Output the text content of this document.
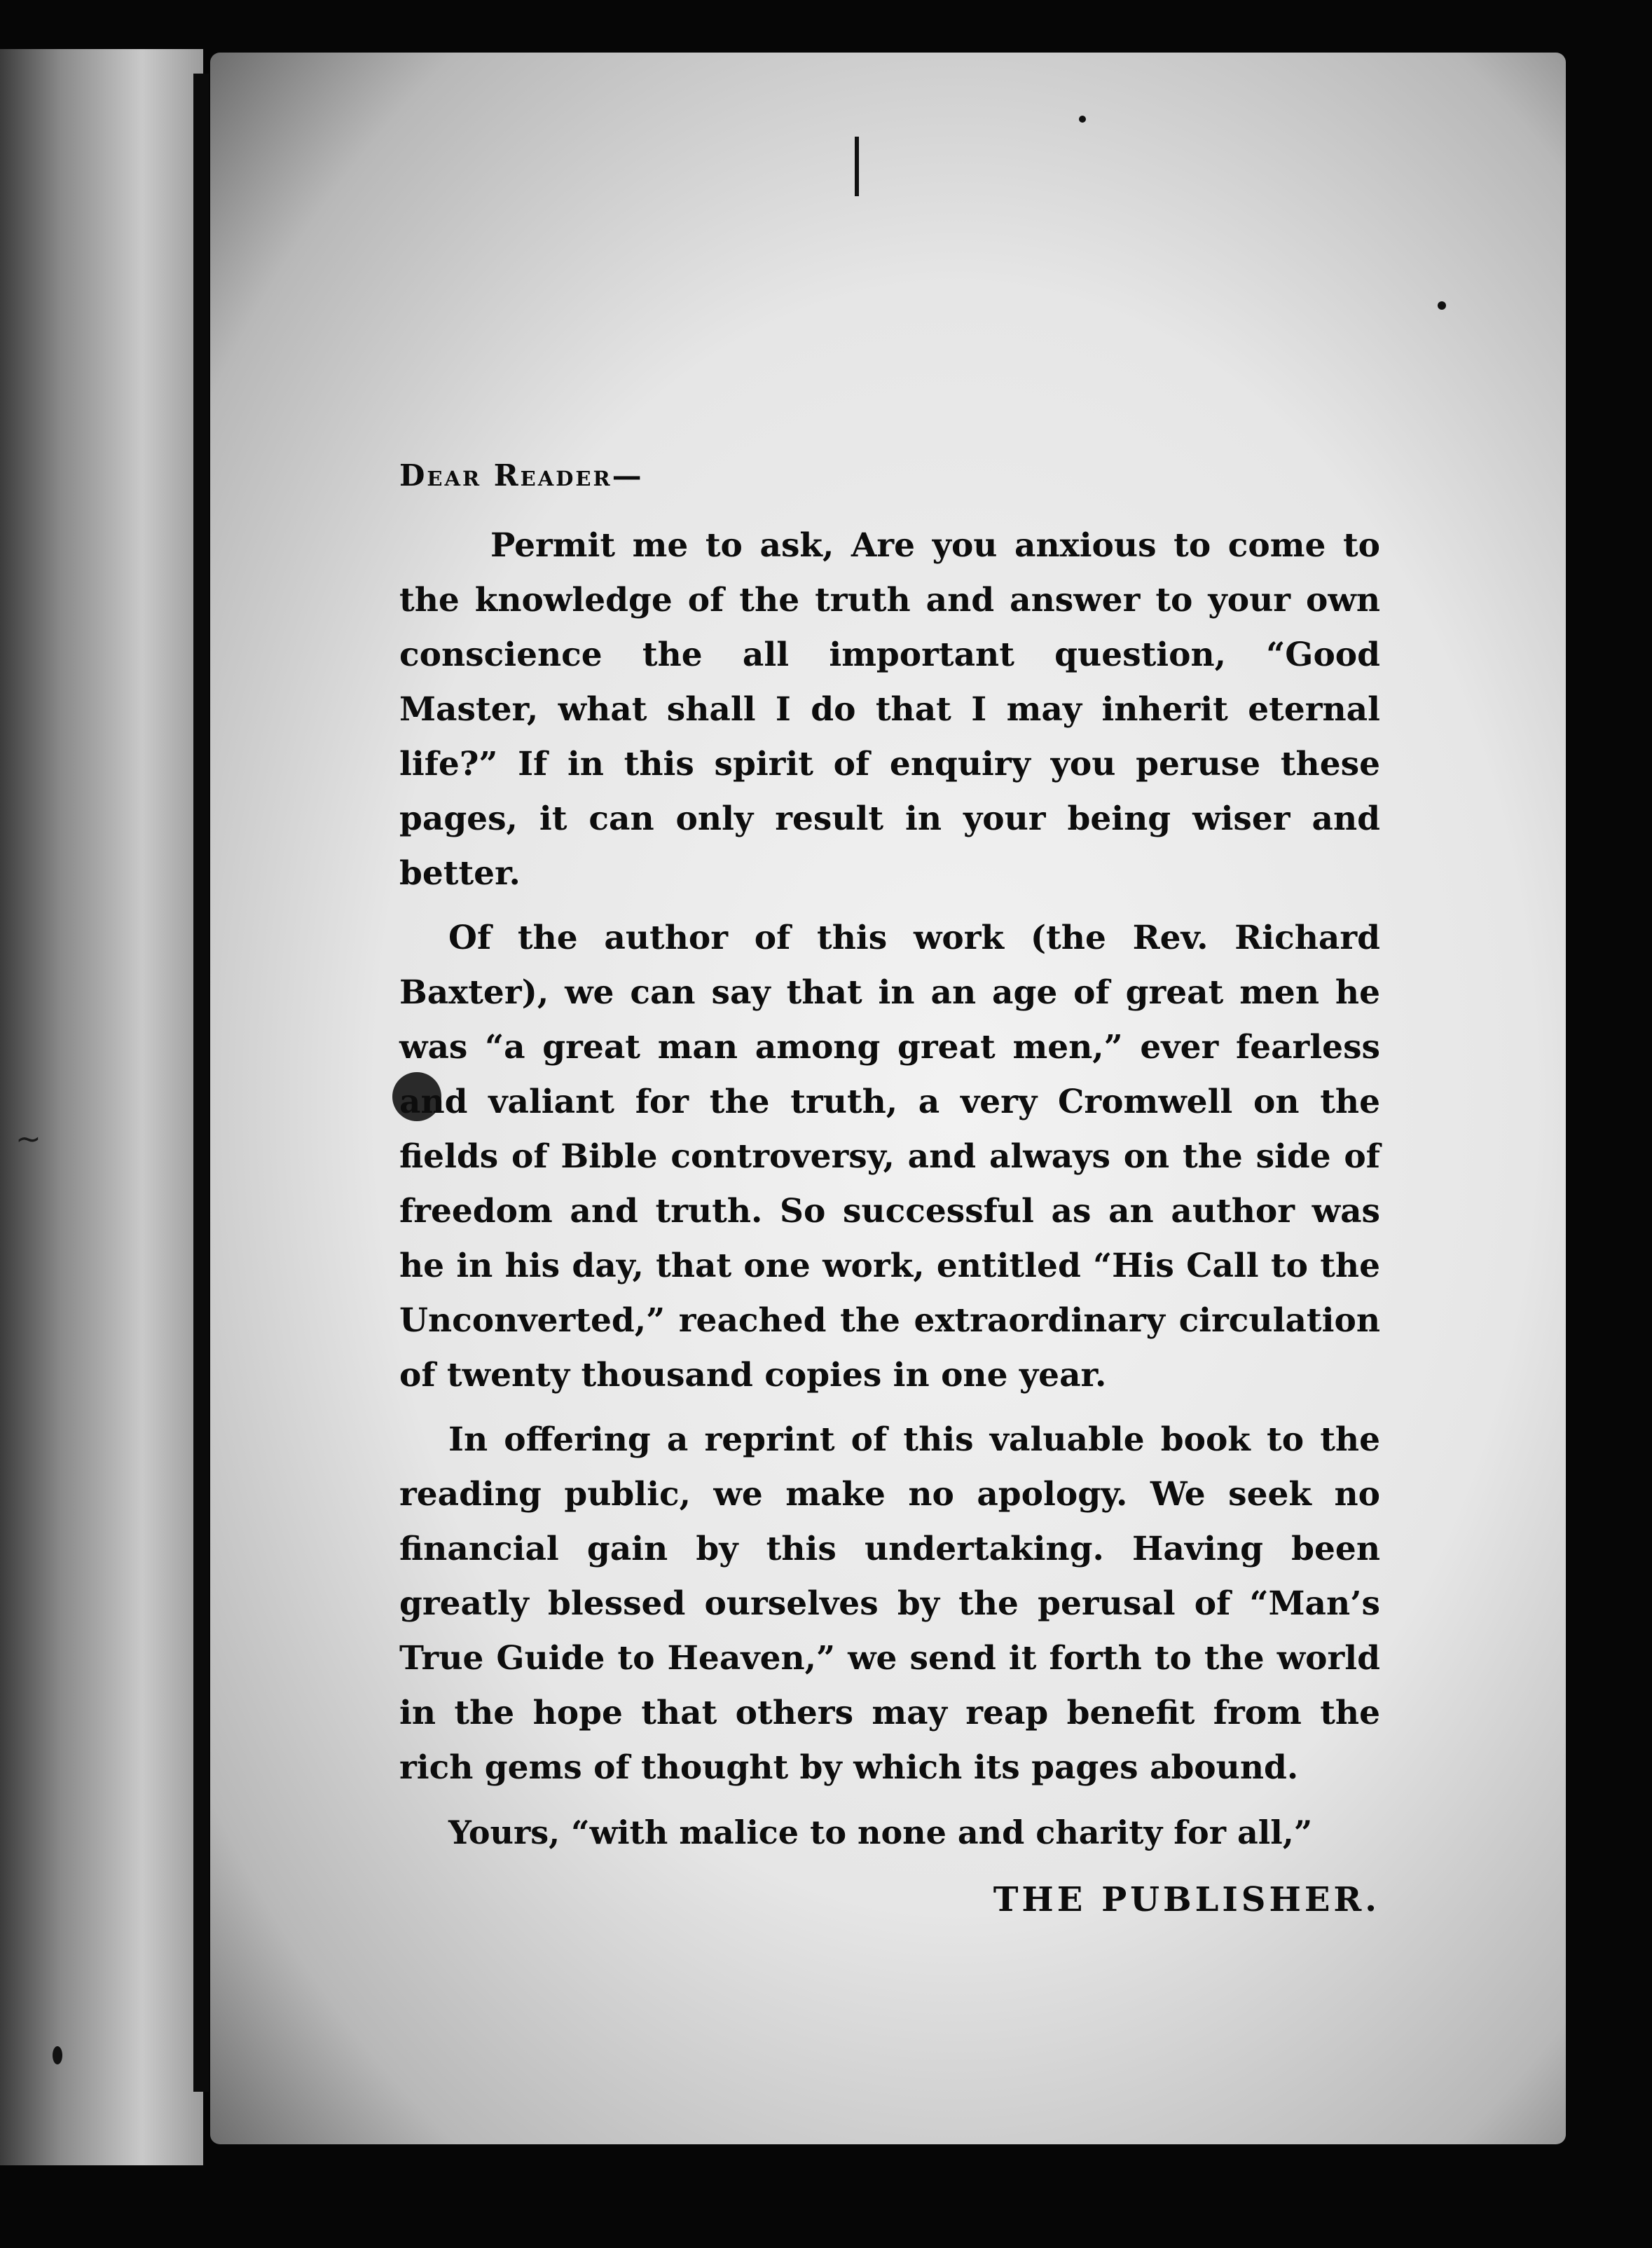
~

Dear Reader—

Permit me to ask, Are you anxious to come to the knowledge of the truth and answer to your own conscience the all important question, “Good Master, what shall I do that I may inherit eternal life?” If in this spirit of enquiry you peruse these pages, it can only result in your being wiser and better.

Of the author of this work (the Rev. Richard Baxter), we can say that in an age of great men he was “a great man among great men,” ever fearless and valiant for the truth, a very Cromwell on the fields of Bible controversy, and always on the side of freedom and truth. So successful as an author was he in his day, that one work, entitled “His Call to the Unconverted,” reached the extraordinary circulation of twenty thousand copies in one year.

In offering a reprint of this valuable book to the reading public, we make no apology. We seek no financial gain by this undertaking. Having been greatly blessed ourselves by the perusal of “Man’s True Guide to Heaven,” we send it forth to the world in the hope that others may reap benefit from the rich gems of thought by which its pages abound.

Yours, “with malice to none and charity for all,”

THE PUBLISHER.
